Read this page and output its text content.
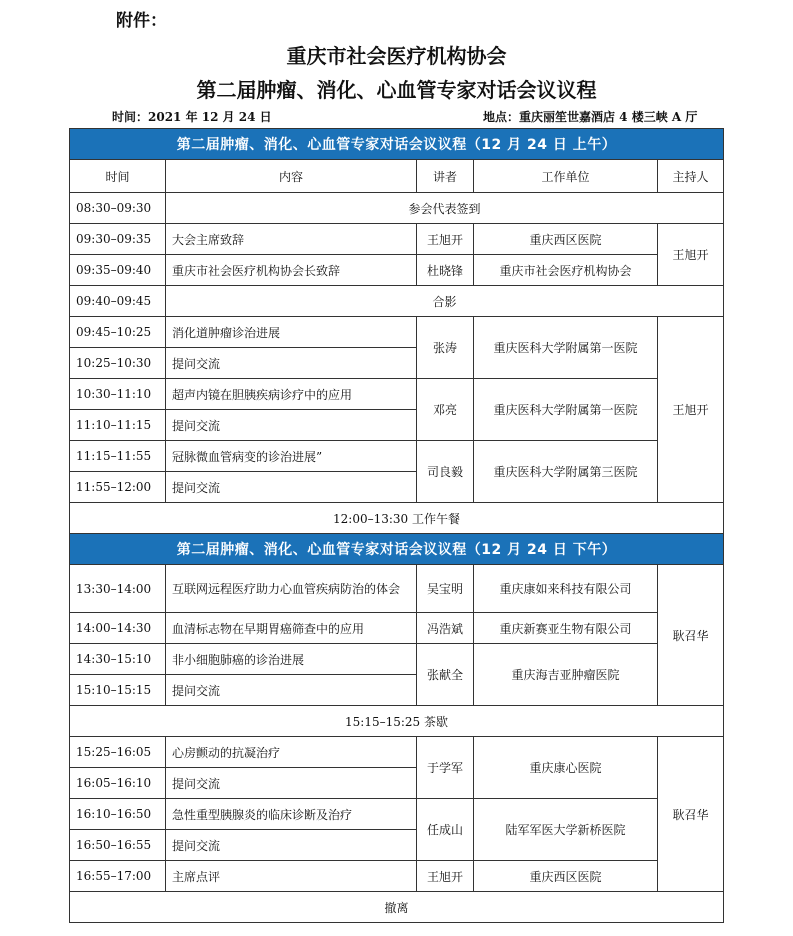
附件：
重庆市社会医疗机构协会
第二届肿瘤、消化、心血管专家对话会议议程
时间：2021 年 12 月 24 日	地点：重庆丽笙世嘉酒店 4 楼三峡 A 厅
第二届肿瘤、消化、心血管专家对话会议议程（12 月 24 日 上午）				
时间	内容	讲者	工作单位	主持人
08:30–09:30	参会代表签到			
09:30–09:35	大会主席致辞	王旭开	重庆西区医院	王旭开
09:35–09:40	重庆市社会医疗机构协会长致辞	杜晓锋	重庆市社会医疗机构协会	
09:40–09:45	合影			
09:45–10:25	消化道肿瘤诊治进展	张涛	重庆医科大学附属第一医院	王旭开
10:25–10:30	提问交流			
10:30–11:10	超声内镜在胆胰疾病诊疗中的应用	邓亮	重庆医科大学附属第一医院	
11:10–11:15	提问交流			
11:15–11:55	冠脉微血管病变的诊治进展”	司良毅	重庆医科大学附属第三医院	
11:55–12:00	提问交流			
12:00–13:30 工作午餐				
第二届肿瘤、消化、心血管专家对话会议议程（12 月 24 日 下午）				
13:30–14:00	互联网远程医疗助力心血管疾病防治的体会	吴宝明	重庆康如来科技有限公司	耿召华
14:00–14:30	血清标志物在早期胃癌筛查中的应用	冯浩斌	重庆新赛亚生物有限公司	
14:30–15:10	非小细胞肺癌的诊治进展	张献全	重庆海吉亚肿瘤医院	
15:10–15:15	提问交流			
15:15–15:25 茶歇				
15:25–16:05	心房颤动的抗凝治疗	于学军	重庆康心医院	耿召华
16:05–16:10	提问交流			
16:10–16:50	急性重型胰腺炎的临床诊断及治疗	任成山	陆军军医大学新桥医院	
16:50–16:55	提问交流			
16:55–17:00	主席点评	王旭开	重庆西区医院	
撤离				
